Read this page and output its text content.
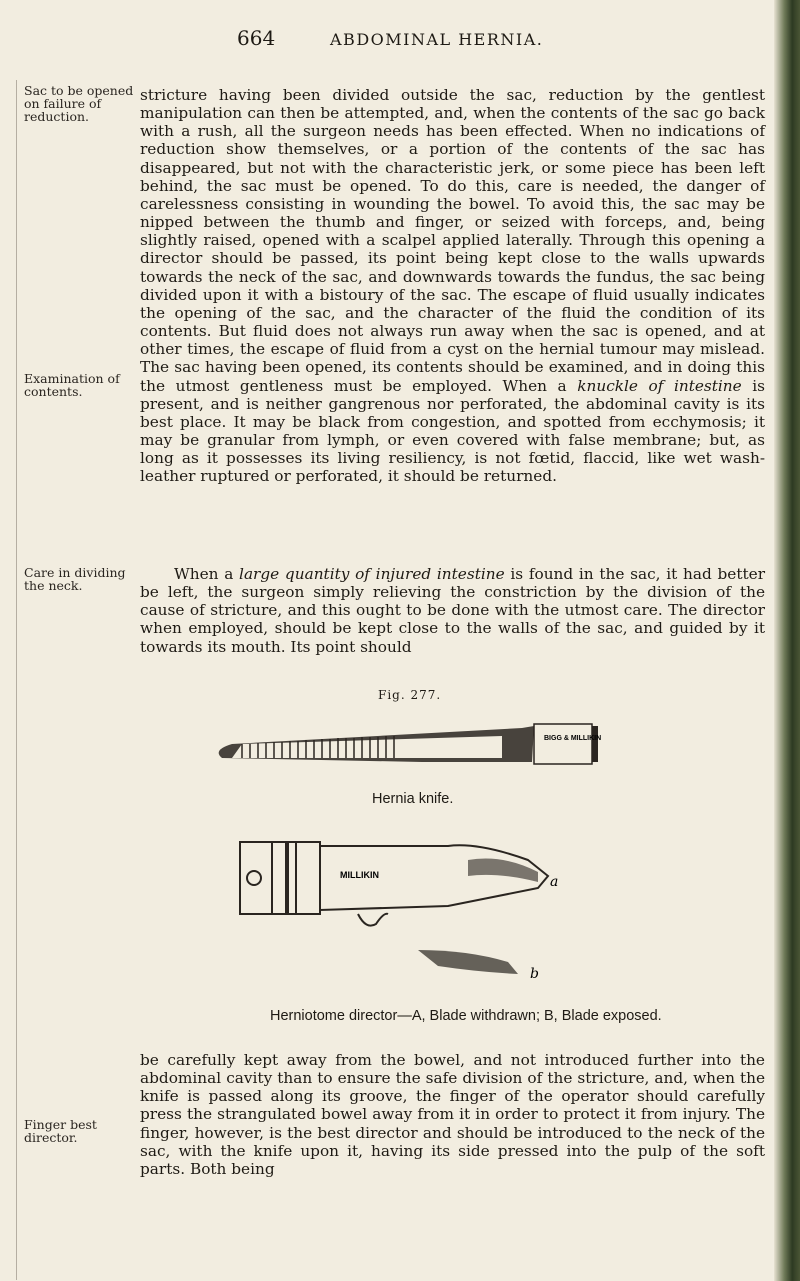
664	ABDOMINAL HERNIA.
Sac to be opened on failure of reduction.
Examination of contents.
Care in dividing the neck.
Finger best director.

stricture having been divided outside the sac, reduction by the gentlest manipulation can then be attempted, and, when the contents of the sac go back with a rush, all the surgeon needs has been effected. When no indications of reduction show themselves, or a portion of the contents of the sac has disappeared, but not with the characteristic jerk, or some piece has been left behind, the sac must be opened. To do this, care is needed, the danger of carelessness consisting in wounding the bowel. To avoid this, the sac may be nipped between the thumb and finger, or seized with forceps, and, being slightly raised, opened with a scalpel applied laterally. Through this opening a director should be passed, its point being kept close to the walls upwards towards the neck of the sac, and downwards towards the fundus, the sac being divided upon it with a bistoury of the sac. The escape of fluid usually indicates the opening of the sac, and the character of the fluid the condition of its contents. But fluid does not always run away when the sac is opened, and at other times, the escape of fluid from a cyst on the hernial tumour may mislead. The sac having been opened, its contents should be examined, and in doing this the utmost gentleness must be employed. When a knuckle of intestine is present, and is neither gangrenous nor perforated, the abdominal cavity is its best place. It may be black from congestion, and spotted from ecchymosis; it may be granular from lymph, or even covered with false membrane; but, as long as it possesses its living resiliency, is not fœtid, flaccid, like wet wash-leather ruptured or perforated, it should be returned.

When a large quantity of injured intestine is found in the sac, it had better be left, the surgeon simply relieving the constriction by the division of the cause of stricture, and this ought to be done with the utmost care. The director when employed, should be kept close to the walls of the sac, and guided by it towards its mouth. Its point should

Fig. 277.
BIGG & MILLIKIN
Hernia knife.
MILLIKIN	a
b
Herniotome director—A, Blade withdrawn; B, Blade exposed.

be carefully kept away from the bowel, and not introduced further into the abdominal cavity than to ensure the safe division of the stricture, and, when the knife is passed along its groove, the finger of the operator should carefully press the strangulated bowel away from it in order to protect it from injury. The finger, however, is the best director and should be introduced to the neck of the sac, with the knife upon it, having its side pressed into the pulp of the soft parts. Both being
